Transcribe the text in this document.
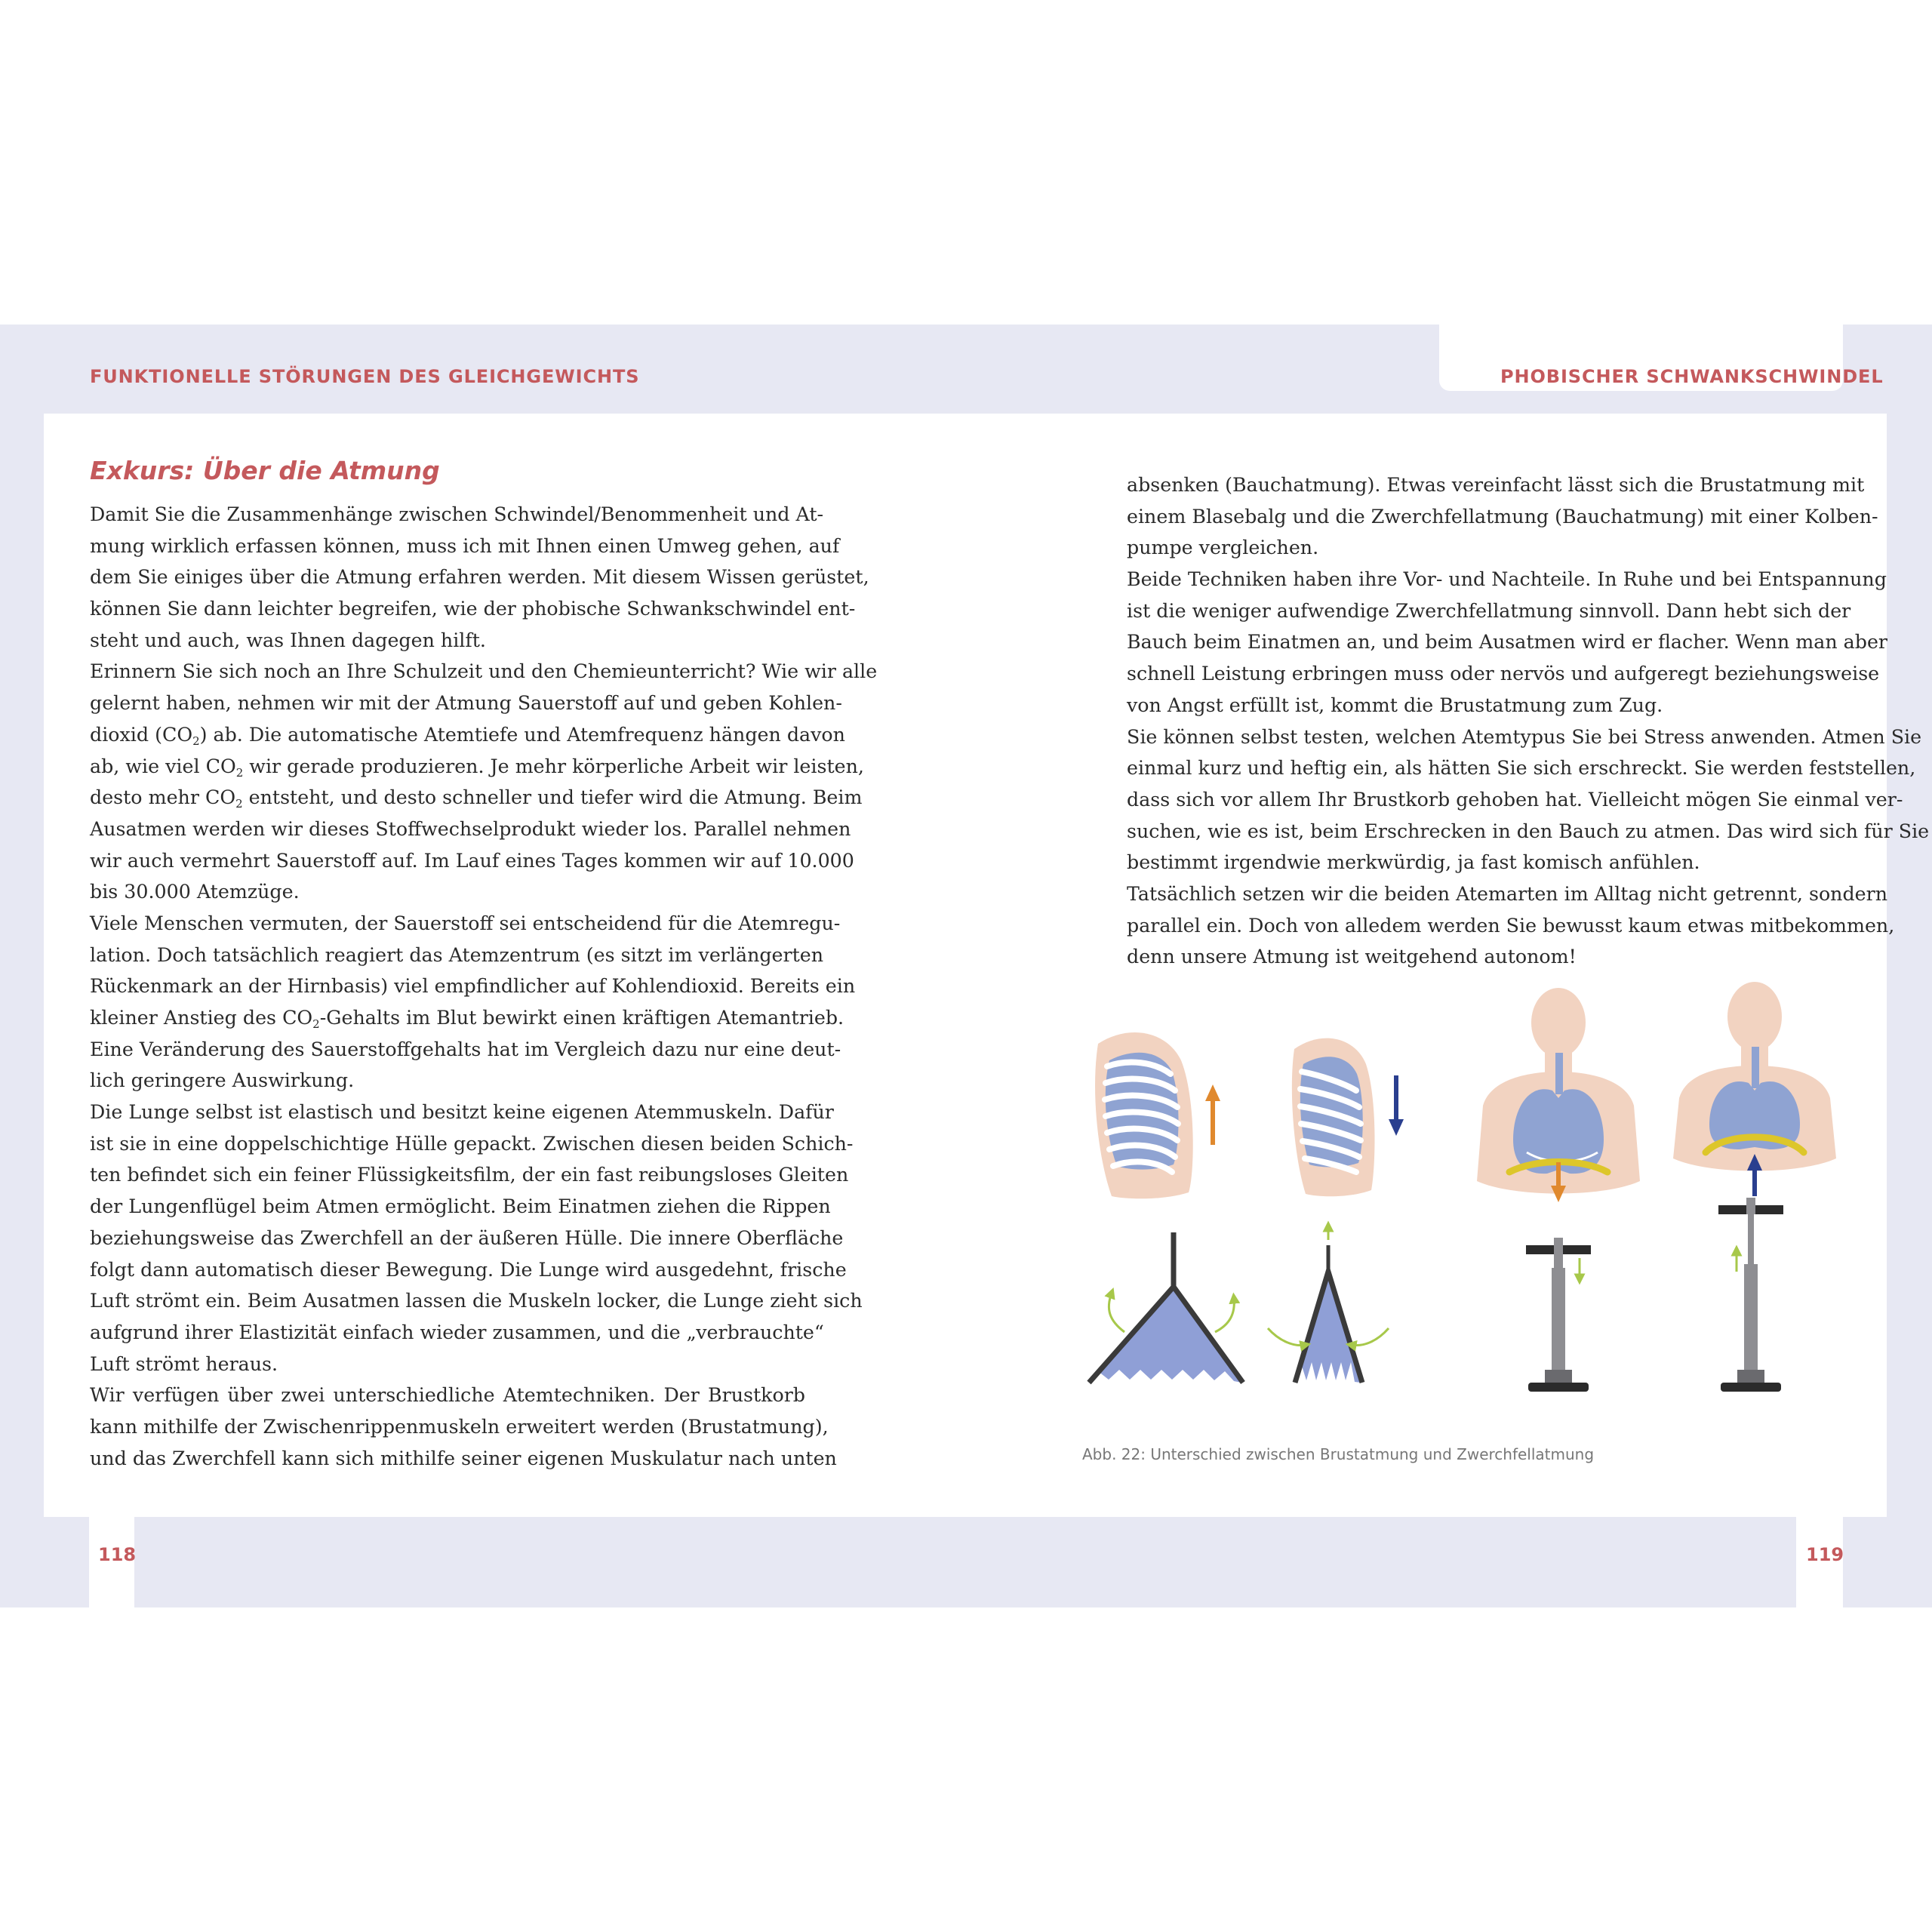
FUNKTIONELLE STÖRUNGEN DES GLEICHGEWICHTS	PHOBISCHER SCHWANKSCHWINDEL
Exkurs: Über die Atmung
Damit Sie die Zusammenhänge zwischen Schwindel/Benommenheit und At-
mung wirklich erfassen können, muss ich mit Ihnen einen Umweg gehen, auf
dem Sie einiges über die Atmung erfahren werden. Mit diesem Wissen gerüstet,
können Sie dann leichter begreifen, wie der phobische Schwankschwindel ent-
steht und auch, was Ihnen dagegen hilft.
Erinnern Sie sich noch an Ihre Schulzeit und den Chemieunterricht? Wie wir alle
gelernt haben, nehmen wir mit der Atmung Sauerstoff auf und geben Kohlen-
dioxid $(CO_2)$ ab. Die automatische Atemtiefe und Atemfrequenz hängen davon
ab, wie viel $CO_2$ wir gerade produzieren. Je mehr körperliche Arbeit wir leisten,
desto mehr $CO_2$ entsteht, und desto schneller und tiefer wird die Atmung. Beim
Ausatmen werden wir dieses Stoffwechselprodukt wieder los. Parallel nehmen
wir auch vermehrt Sauerstoff auf. Im Lauf eines Tages kommen wir auf 10.000
bis 30.000 Atemzüge.
Viele Menschen vermuten, der Sauerstoff sei entscheidend für die Atemregu-
lation. Doch tatsächlich reagiert das Atemzentrum (es sitzt im verlängerten
Rückenmark an der Hirnbasis) viel empfindlicher auf Kohlendioxid. Bereits ein
kleiner Anstieg des $CO_2$-Gehalts im Blut bewirkt einen kräftigen Atemantrieb.
Eine Veränderung des Sauerstoffgehalts hat im Vergleich dazu nur eine deut-
lich geringere Auswirkung.
Die Lunge selbst ist elastisch und besitzt keine eigenen Atemmuskeln. Dafür
ist sie in eine doppelschichtige Hülle gepackt. Zwischen diesen beiden Schich-
ten befindet sich ein feiner Flüssigkeitsfilm, der ein fast reibungsloses Gleiten
der Lungenflügel beim Atmen ermöglicht. Beim Einatmen ziehen die Rippen
beziehungsweise das Zwerchfell an der äußeren Hülle. Die innere Oberfläche
folgt dann automatisch dieser Bewegung. Die Lunge wird ausgedehnt, frische
Luft strömt ein. Beim Ausatmen lassen die Muskeln locker, die Lunge zieht sich
aufgrund ihrer Elastizität einfach wieder zusammen, und die „verbrauchte“
Luft strömt heraus.
Wir verfügen über zwei unterschiedliche Atemtechniken. Der Brustkorb
kann mithilfe der Zwischenrippenmuskeln erweitert werden (Brustatmung),
und das Zwerchfell kann sich mithilfe seiner eigenen Muskulatur nach unten
absenken (Bauchatmung). Etwas vereinfacht lässt sich die Brustatmung mit
einem Blasebalg und die Zwerchfellatmung (Bauchatmung) mit einer Kolben-
pumpe vergleichen.
Beide Techniken haben ihre Vor- und Nachteile. In Ruhe und bei Entspannung
ist die weniger aufwendige Zwerchfellatmung sinnvoll. Dann hebt sich der
Bauch beim Einatmen an, und beim Ausatmen wird er flacher. Wenn man aber
schnell Leistung erbringen muss oder nervös und aufgeregt beziehungsweise
von Angst erfüllt ist, kommt die Brustatmung zum Zug.
Sie können selbst testen, welchen Atemtypus Sie bei Stress anwenden. Atmen Sie
einmal kurz und heftig ein, als hätten Sie sich erschreckt. Sie werden feststellen,
dass sich vor allem Ihr Brustkorb gehoben hat. Vielleicht mögen Sie einmal ver-
suchen, wie es ist, beim Erschrecken in den Bauch zu atmen. Das wird sich für Sie
bestimmt irgendwie merkwürdig, ja fast komisch anfühlen.
Tatsächlich setzen wir die beiden Atemarten im Alltag nicht getrennt, sondern
parallel ein. Doch von alledem werden Sie bewusst kaum etwas mitbekommen,
denn unsere Atmung ist weitgehend autonom!
Abb. 22: Unterschied zwischen Brustatmung und Zwerchfellatmung
118	119
